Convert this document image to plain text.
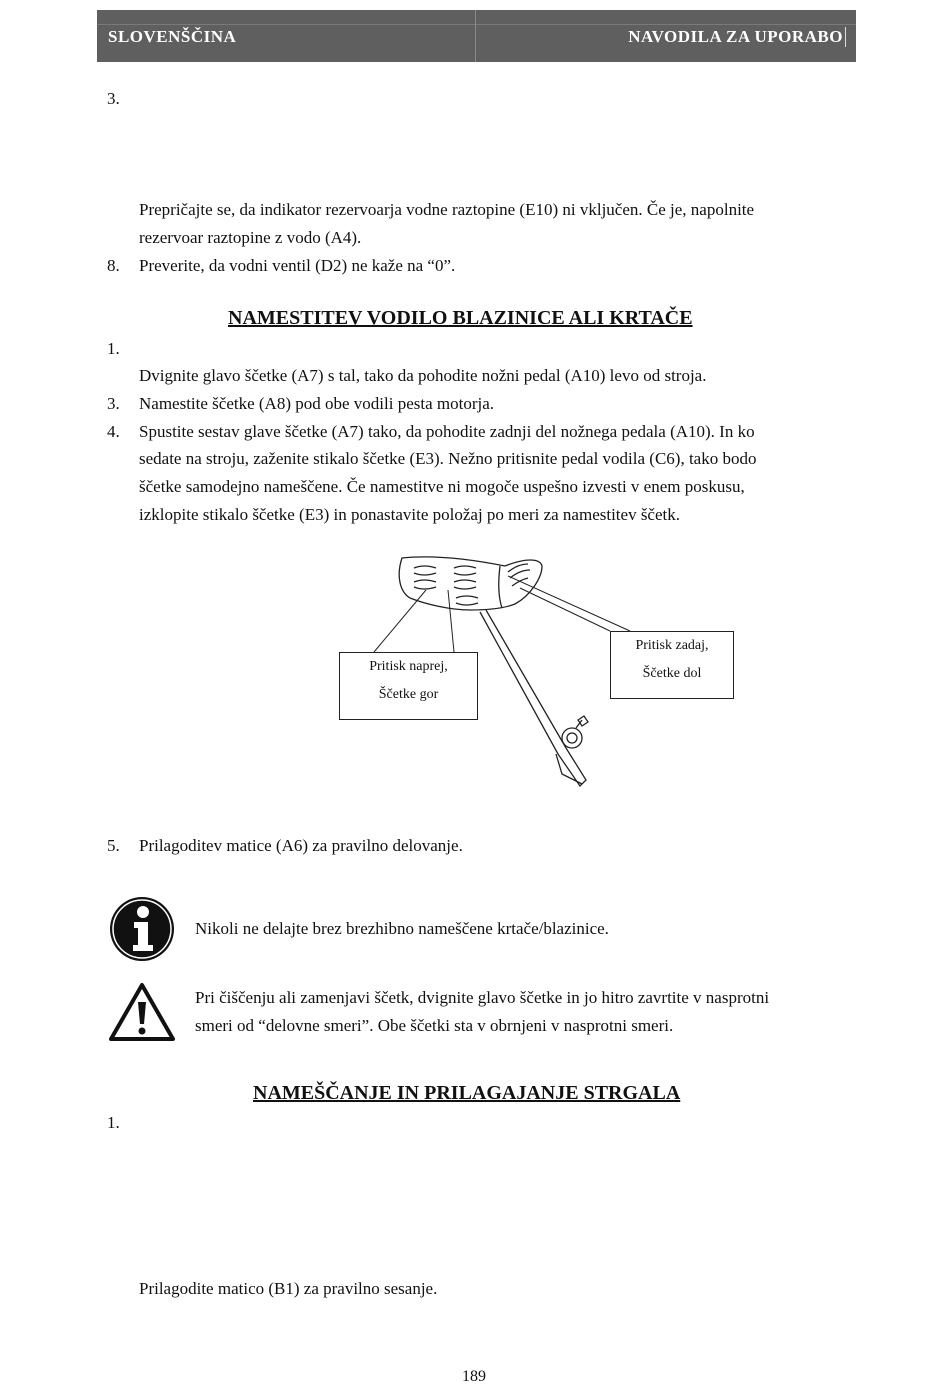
SLOVENŠČINA	NAVODILA ZA UPORABO
3.
Prepričajte se, da indikator rezervoarja vodne raztopine (E10) ni vključen. Če je, napolnite
rezervoar raztopine z vodo (A4).
8. Preverite, da vodni ventil (D2) ne kaže na “0”.
NAMESTITEV VODILO BLAZINICE ALI KRTAČE
1.
Dvignite glavo ščetke (A7) s tal, tako da pohodite nožni pedal (A10) levo od stroja.
3. Namestite ščetke (A8) pod obe vodili pesta motorja.
4. Spustite sestav glave ščetke (A7) tako, da pohodite zadnji del nožnega pedala (A10). In ko
sedate na stroju, zaženite stikalo ščetke (E3). Nežno pritisnite pedal vodila (C6), tako bodo
ščetke samodejno nameščene. Če namestitve ni mogoče uspešno izvesti v enem poskusu,
izklopite stikalo ščetke (E3) in ponastavite položaj po meri za namestitev ščetk.
Pritisk naprej,
Ščetke gor
Pritisk zadaj,
Ščetke dol
5. Prilagoditev matice (A6) za pravilno delovanje.
Nikoli ne delajte brez brezhibno nameščene krtače/blazinice.
Pri čiščenju ali zamenjavi ščetk, dvignite glavo ščetke in jo hitro zavrtite v nasprotni
smeri od “delovne smeri”. Obe ščetki sta v obrnjeni v nasprotni smeri.
NAMEŠČANJE IN PRILAGAJANJE STRGALA
1.
Prilagodite matico (B1) za pravilno sesanje.
189
